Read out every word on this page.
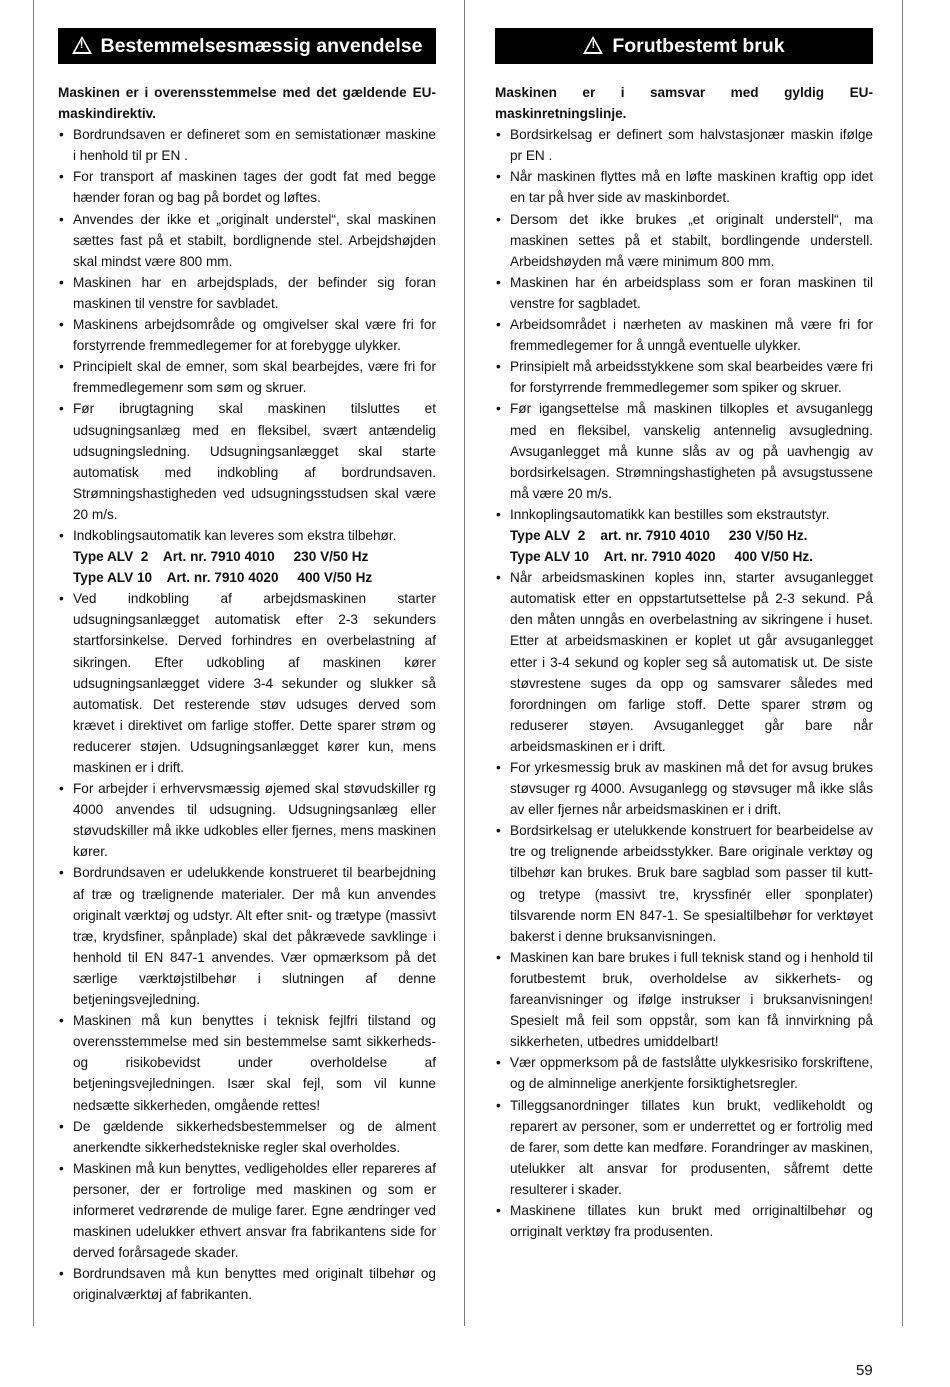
!
Bestemmelsesmæssig anvendelse
Maskinen er i overensstemmelse med det gældende EU-maskindirektiv.
• Bordrundsaven er defineret som en semistationær maskine i henhold til pr EN .
• For transport af maskinen tages der godt fat med begge hænder foran og bag på bordet og løftes.
• Anvendes der ikke et „originalt understel“, skal maskinen sættes fast på et stabilt, bordlignende stel. Arbejdshøjden skal mindst være 800 mm.
• Maskinen har en arbejdsplads, der befinder sig foran maskinen til venstre for savbladet.
• Maskinens arbejdsområde og omgivelser skal være fri for forstyrrende fremmedlegemer for at forebygge ulykker.
• Principielt skal de emner, som skal bearbejdes, være fri for fremmedlegemenr som søm og skruer.
• Før ibrugtagning skal maskinen tilsluttes et udsugningsanlæg med en fleksibel, svært antændelig udsugningsledning. Udsugningsanlægget skal starte automatisk med indkobling af bordrundsaven. Strømningshastigheden ved udsugningsstudsen skal være 20 m/s.
• Indkoblingsautomatik kan leveres som ekstra tilbehør.
Type ALV  2    Art. nr. 7910 4010     230 V/50 Hz
Type ALV 10    Art. nr. 7910 4020     400 V/50 Hz
• Ved indkobling af arbejdsmaskinen starter udsugningsanlægget automatisk efter 2-3 sekunders startforsinkelse. Derved forhindres en overbelastning af sikringen. Efter udkobling af maskinen kører udsugningsanlægget videre 3-4 sekunder og slukker så automatisk. Det resterende støv udsuges derved som krævet i direktivet om farlige stoffer. Dette sparer strøm og reducerer støjen. Udsugningsanlægget kører kun, mens maskinen er i drift.
• For arbejder i erhvervsmæssig øjemed skal støvudskiller rg 4000 anvendes til udsugning. Udsugningsanlæg eller støvudskiller må ikke udkobles eller fjernes, mens maskinen kører.
• Bordrundsaven er udelukkende konstrueret til bearbejdning af træ og trælignende materialer. Der må kun anvendes originalt værktøj og udstyr. Alt efter snit- og trætype (massivt træ, krydsfiner, spånplade) skal det påkrævede savklinge i henhold til EN 847-1 anvendes. Vær opmærksom på det særlige værktøjstilbehør i slutningen af denne betjeningsvejledning.
• Maskinen må kun benyttes i teknisk fejlfri tilstand og overensstemmelse med sin bestemmelse samt sikkerheds- og risikobevidst under overholdelse af betjeningsvejledningen. Især skal fejl, som vil kunne nedsætte sikkerheden, omgående rettes!
• De gældende sikkerhedsbestemmelser og de alment anerkendte sikkerhedstekniske regler skal overholdes.
• Maskinen må kun benyttes, vedligeholdes eller repareres af personer, der er fortrolige med maskinen og som er informeret vedrørende de mulige farer. Egne ændringer ved maskinen udelukker ethvert ansvar fra fabrikantens side for derved forårsagede skader.
• Bordrundsaven må kun benyttes med originalt tilbehør og originalværktøj af fabrikanten.
!
Forutbestemt bruk
Maskinen er i samsvar med gyldig EU-maskinretningslinje.
• Bordsirkelsag er definert som halvstasjonær maskin ifølge pr EN .
• Når maskinen flyttes må en løfte maskinen kraftig opp idet en tar på hver side av maskinbordet.
• Dersom det ikke brukes „et originalt understell“, ma maskinen settes på et stabilt, bordlingende understell. Arbeidshøyden må være minimum 800 mm.
• Maskinen har én arbeidsplass som er foran maskinen til venstre for sagbladet.
• Arbeidsområdet i nærheten av maskinen må være fri for fremmedlegemer for å unngå eventuelle ulykker.
• Prinsipielt må arbeidsstykkene som skal bearbeides være fri for forstyrrende fremmedlegemer som spiker og skruer.
• Før igangsettelse må maskinen tilkoples et avsuganlegg med en fleksibel, vanskelig antennelig avsugledning. Avsuganlegget må kunne slås av og på uavhengig av bordsirkelsagen. Strømningshastigheten på avsugstussene må være 20 m/s.
• Innkoplingsautomatikk kan bestilles som ekstrautstyr.
Type ALV  2    art. nr. 7910 4010     230 V/50 Hz.
Type ALV 10    Art. nr. 7910 4020     400 V/50 Hz.
• Når arbeidsmaskinen koples inn, starter avsuganlegget automatisk etter en oppstartutsettelse på 2-3 sekund. På den måten unngås en overbelastning av sikringene i huset. Etter at arbeidsmaskinen er koplet ut går avsuganlegget etter i 3-4 sekund og kopler seg så automatisk ut. De siste støvrestene suges da opp og samsvarer således med forordningen om farlige stoff. Dette sparer strøm og reduserer støyen. Avsuganlegget går bare når arbeidsmaskinen er i drift.
• For yrkesmessig bruk av maskinen må det for avsug brukes støvsuger rg 4000. Avsuganlegg og støvsuger må ikke slås av eller fjernes når arbeidsmaskinen er i drift.
• Bordsirkelsag er utelukkende konstruert for bearbeidelse av tre og trelignende arbeidsstykker. Bare originale verktøy og tilbehør kan brukes. Bruk bare sagblad som passer til kutt- og tretype (massivt tre, kryssfinér eller sponplater) tilsvarende norm EN 847-1. Se spesialtilbehør for verktøyet bakerst i denne bruksanvisningen.
• Maskinen kan bare brukes i full teknisk stand og i henhold til forutbestemt bruk, overholdelse av sikkerhets- og fareanvisninger og ifølge instrukser i bruksanvisningen! Spesielt må feil som oppstår, som kan få innvirkning på sikkerheten, utbedres umiddelbart!
• Vær oppmerksom på de fastslåtte ulykkesrisiko forskriftene, og de alminnelige anerkjente forsiktighetsregler.
• Tilleggsanordninger tillates kun brukt, vedlikeholdt og reparert av personer, som er underrettet og er fortrolig med de farer, som dette kan medføre. Forandringer av maskinen, utelukker alt ansvar for produsenten, såfremt dette resulterer i skader.
• Maskinene tillates kun brukt med orriginaltilbehør og orriginalt verktøy fra produsenten.
59
